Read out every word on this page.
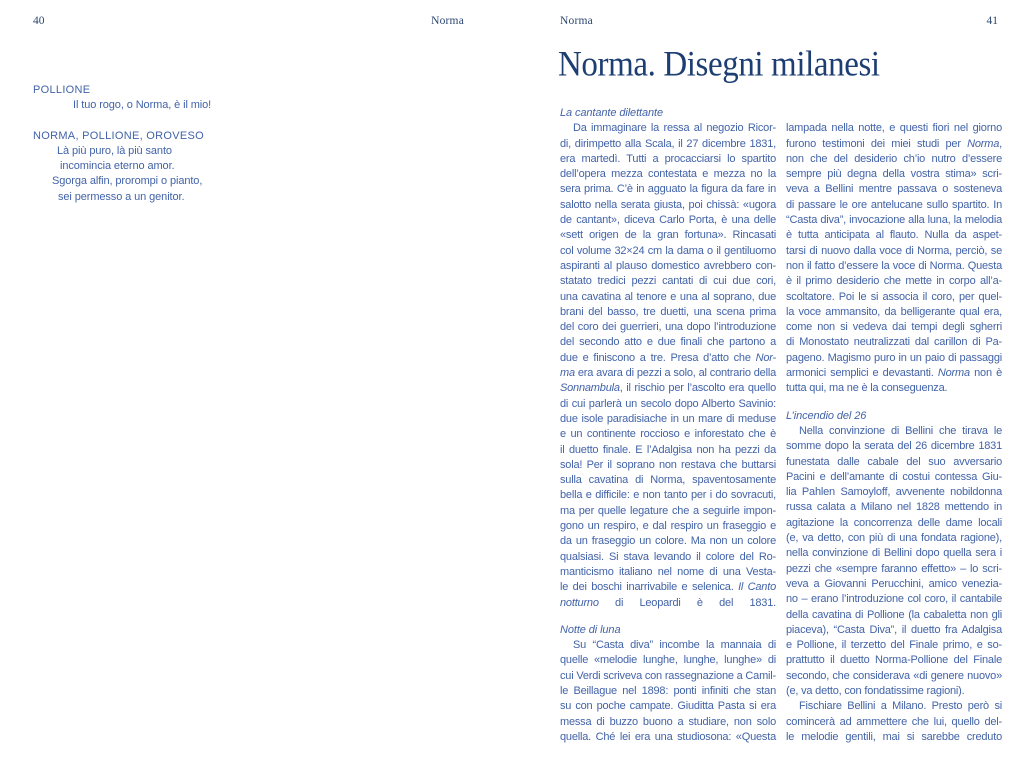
40	Norma
POLLIONE
Il tuo rogo, o Norma, è il mio!
NORMA, POLLIONE, OROVESO
Là più puro, là più santo
incomincia eterno amor.
Sgorga alfin, prorompi o pianto,
sei permesso a un genitor.
Norma	41
Norma. Disegni milanesi
La cantante dilettante
Da immaginare la ressa al negozio Ricor-
di, dirimpetto alla Scala, il 27 dicembre 1831,
era martedì. Tutti a procacciarsi lo spartito
dell’opera mezza contestata e mezza no la
sera prima. C’è in agguato la figura da fare in
salotto nella serata giusta, poi chissà: «ugora
de cantant», diceva Carlo Porta, è una delle
«sett origen de la gran fortuna». Rincasati
col volume 32×24 cm la dama o il gentiluomo
aspiranti al plauso domestico avrebbero con-
statato tredici pezzi cantati di cui due cori,
una cavatina al tenore e una al soprano, due
brani del basso, tre duetti, una scena prima
del coro dei guerrieri, una dopo l’introduzione
del secondo atto e due finali che partono a
due e finiscono a tre. Presa d’atto che Nor-
ma era avara di pezzi a solo, al contrario della
Sonnambula, il rischio per l’ascolto era quello
di cui parlerà un secolo dopo Alberto Savinio:
due isole paradisiache in un mare di meduse
e un continente roccioso e inforestato che è
il duetto finale. E l’Adalgisa non ha pezzi da
sola! Per il soprano non restava che buttarsi
sulla cavatina di Norma, spaventosamente
bella e difficile: e non tanto per i do sovracuti,
ma per quelle legature che a seguirle impon-
gono un respiro, e dal respiro un fraseggio e
da un fraseggio un colore. Ma non un colore
qualsiasi. Si stava levando il colore del Ro-
manticismo italiano nel nome di una Vesta-
le dei boschi inarrivabile e selenica. Il Canto
notturno di Leopardi è del 1831.
Notte di luna
Su “Casta diva” incombe la mannaia di
quelle «melodie lunghe, lunghe, lunghe» di
cui Verdi scriveva con rassegnazione a Camil-
le Beillague nel 1898: ponti infiniti che stan
su con poche campate. Giuditta Pasta si era
messa di buzzo buono a studiare, non solo
quella. Ché lei era una studiosona: «Questa
lampada nella notte, e questi fiori nel giorno
furono testimoni dei miei studi per Norma,
non che del desiderio ch’io nutro d’essere
sempre più degna della vostra stima» scri-
veva a Bellini mentre passava o sosteneva
di passare le ore antelucane sullo spartito. In
“Casta diva”, invocazione alla luna, la melodia
è tutta anticipata al flauto. Nulla da aspet-
tarsi di nuovo dalla voce di Norma, perciò, se
non il fatto d’essere la voce di Norma. Questa
è il primo desiderio che mette in corpo all’a-
scoltatore. Poi le si associa il coro, per quel-
la voce ammansito, da belligerante qual era,
come non si vedeva dai tempi degli sgherri
di Monostato neutralizzati dal carillon di Pa-
pageno. Magismo puro in un paio di passaggi
armonici semplici e devastanti. Norma non è
tutta qui, ma ne è la conseguenza.
L’incendio del 26
Nella convinzione di Bellini che tirava le
somme dopo la serata del 26 dicembre 1831
funestata dalle cabale del suo avversario
Pacini e dell’amante di costui contessa Giu-
lia Pahlen Samoyloff, avvenente nobildonna
russa calata a Milano nel 1828 mettendo in
agitazione la concorrenza delle dame locali
(e, va detto, con più di una fondata ragione),
nella convinzione di Bellini dopo quella sera i
pezzi che «sempre faranno effetto» – lo scri-
veva a Giovanni Perucchini, amico venezia-
no – erano l’introduzione col coro, il cantabile
della cavatina di Pollione (la cabaletta non gli
piaceva), “Casta Diva”, il duetto fra Adalgisa
e Pollione, il terzetto del Finale primo, e so-
prattutto il duetto Norma-Pollione del Finale
secondo, che considerava «di genere nuovo»
(e, va detto, con fondatissime ragioni).
Fischiare Bellini a Milano. Presto però si
comincerà ad ammettere che lui, quello del-
le melodie gentili, mai si sarebbe creduto
